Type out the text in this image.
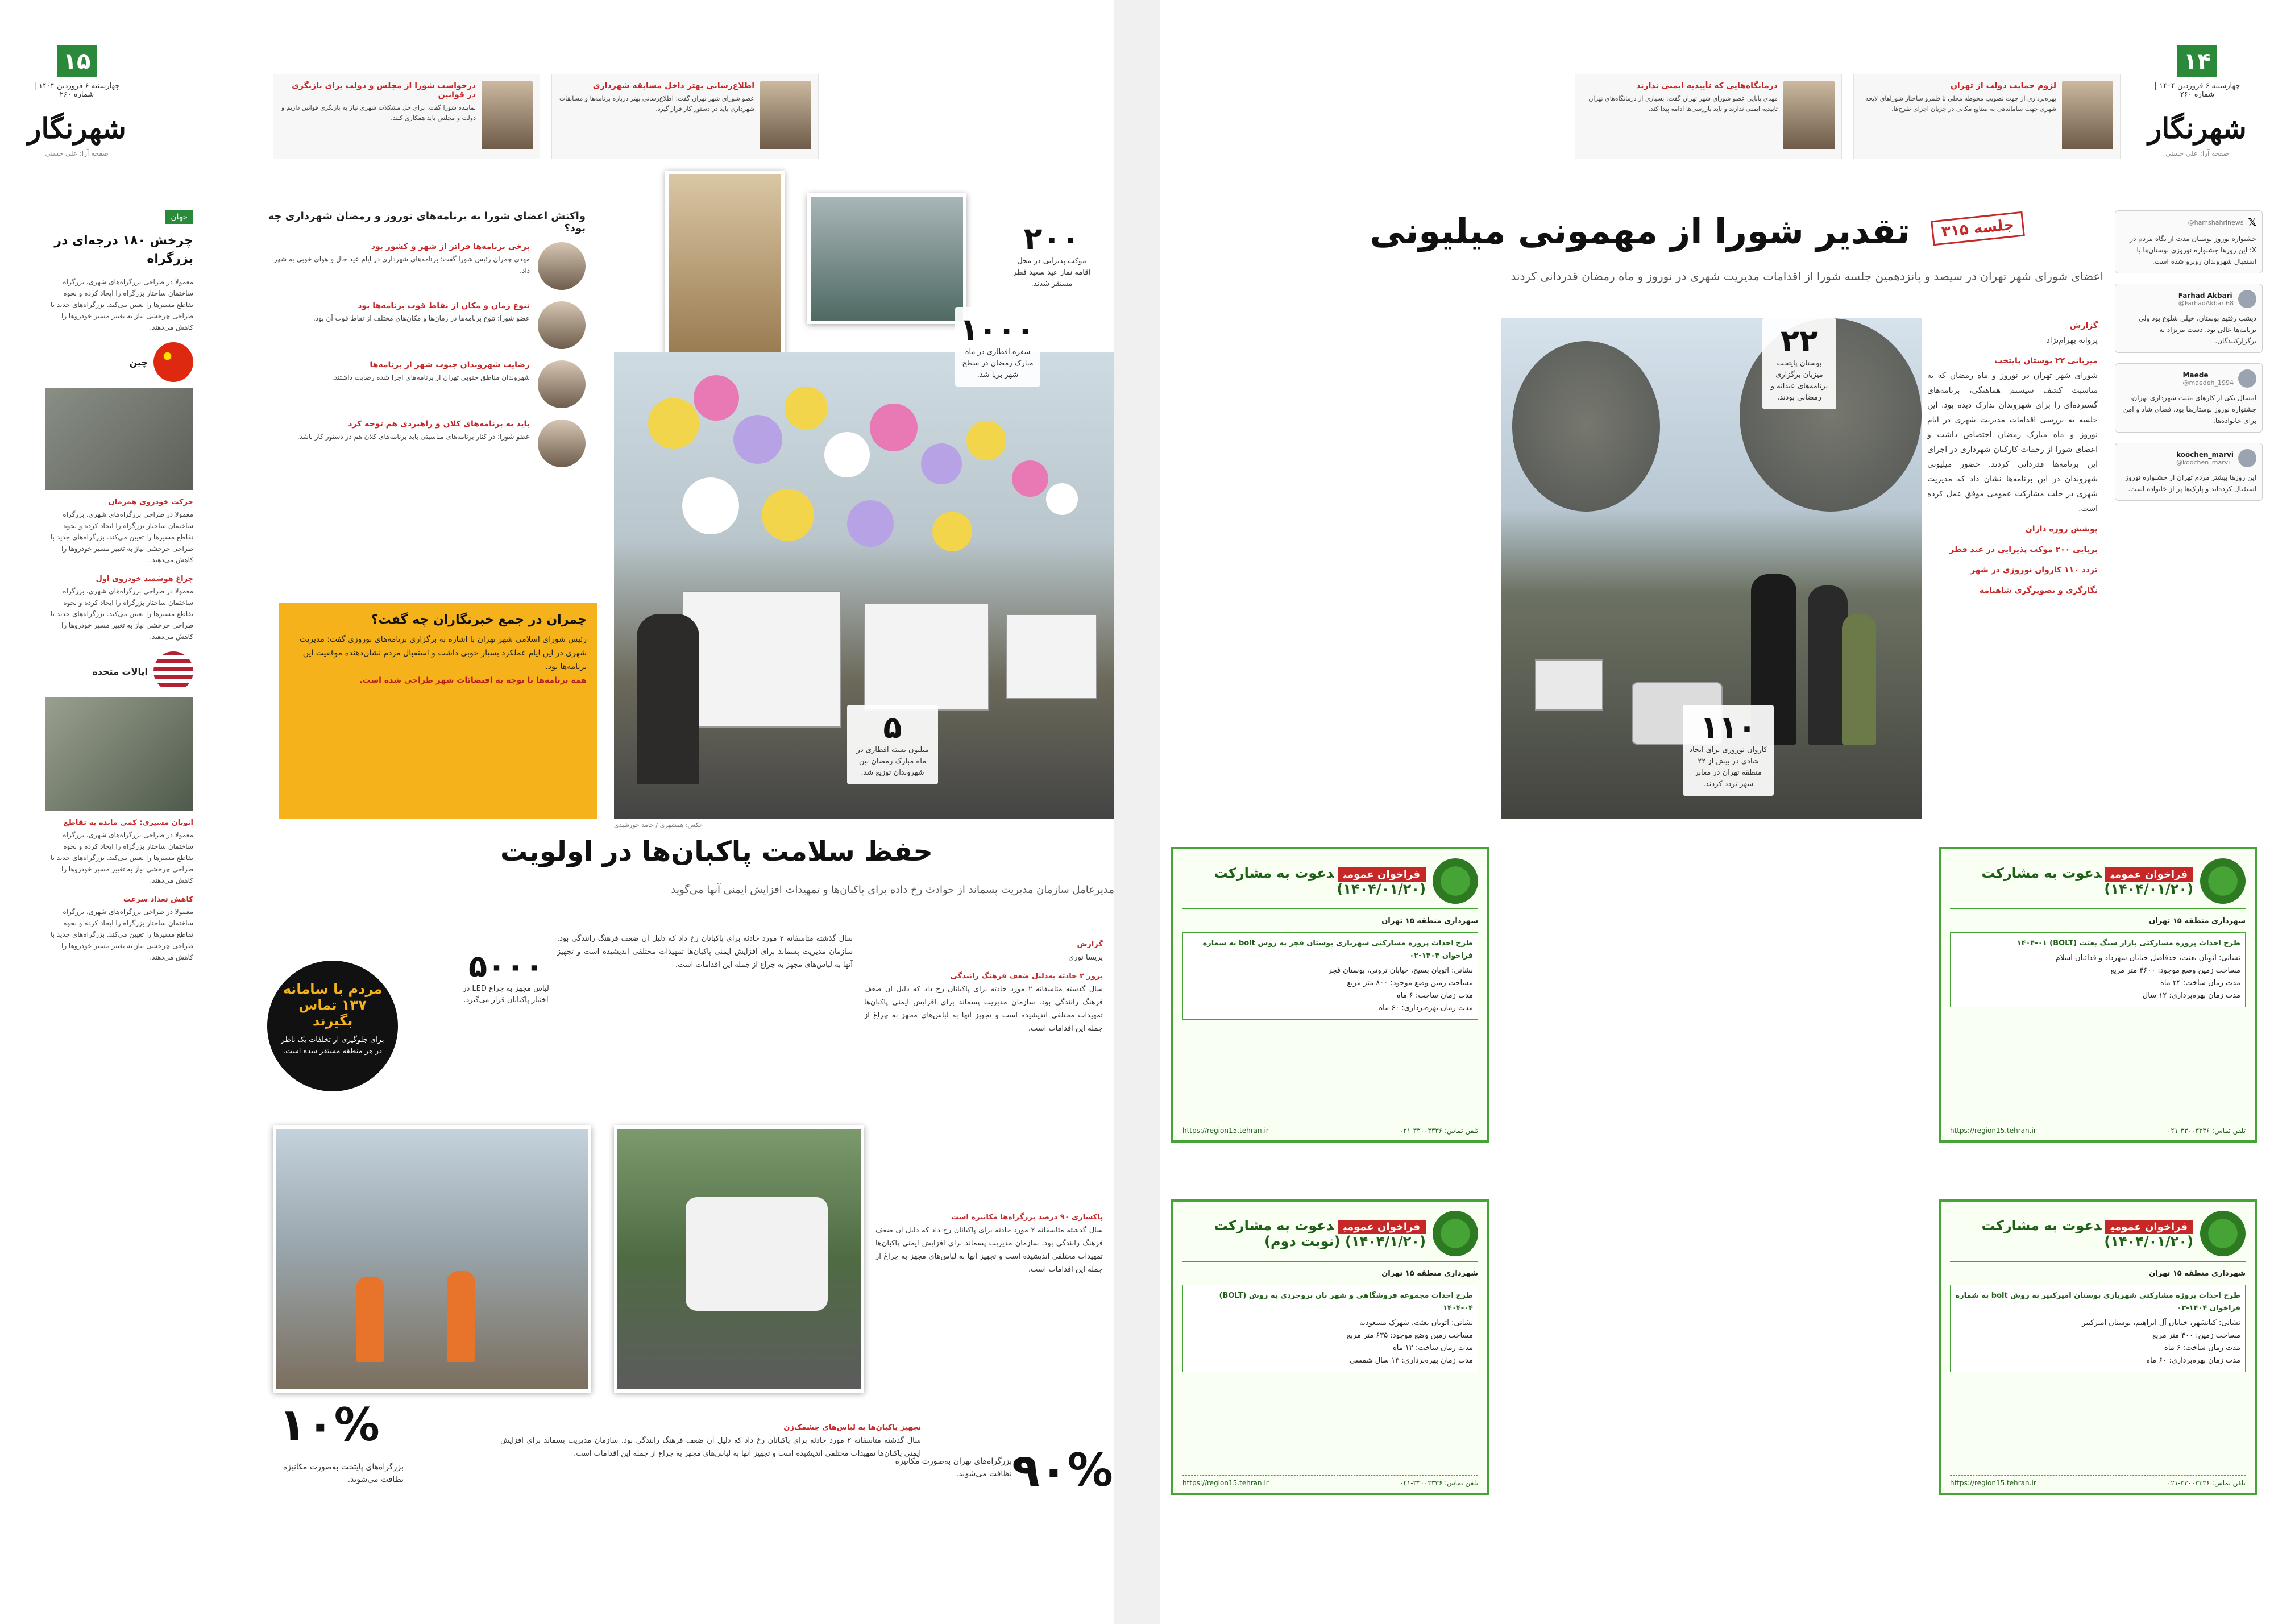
۱۴
چهارشنبه ۶ فروردین ۱۴۰۴ | شماره ۲۶۰
شهرنگار
صفحه آرا: علی حسنی
لزوم حمایت دولت از تهران

بهره‌برداری از جهت تصویب محوطه محلی تا قلمرو ساختار شوراهای لایحه شهری جهت ساماندهی به صنایع مکانی در جریان اجرای طرح‌ها.

درمانگاه‌هایی که تأییدیه ایمنی ندارند

مهدی بابایی عضو شورای شهر تهران گفت: بسیاری از درمانگاه‌های تهران تاییدیه ایمنی ندارند و باید بازرسی‌ها ادامه پیدا کند.

@hamshahrinews 𝕏

جشنواره نوروز بوستان مدت از نگاه مردم در X؛ این روزها جشنواره نوروزی بوستان‌ها با استقبال شهروندان روبرو شده است.

Farhad Akbari
@FarhadAkbari68

دیشب رفتیم بوستان، خیلی شلوغ بود ولی برنامه‌ها عالی بود. دست مریزاد به برگزارکنندگان.

Maede
@maedeh_1994

امسال یکی از کارهای مثبت شهرداری تهران، جشنواره نوروز بوستان‌ها بود. فضای شاد و امن برای خانواده‌ها.

koochen_marvi
@koochen_marvi

این روزها بیشتر مردم تهران از جشنواره نوروز استقبال کرده‌اند و پارک‌ها پر از خانواده است.

جلسه ۳۱۵
تقدیر شورا از مهمونی میلیونی
اعضای شورای شهر تهران در سیصد و پانزدهمین جلسه شورا از اقدامات مدیریت شهری در نوروز و ماه رمضان قدردانی کردند
گزارش
پروانه بهرام‌نژاد
میزبانی ۲۲ بوستان پایتخت
شورای شهر تهران در نوروز و ماه رمضان که به مناسبت کشف سیستم هماهنگی، برنامه‌های گسترده‌ای را برای شهروندان تدارک دیده بود. این جلسه به بررسی اقدامات مدیریت شهری در ایام نوروز و ماه مبارک رمضان اختصاص داشت و اعضای شورا از زحمات کارکنان شهرداری در اجرای این برنامه‌ها قدردانی کردند. حضور میلیونی شهروندان در این برنامه‌ها نشان داد که مدیریت شهری در جلب مشارکت عمومی موفق عمل کرده است.
پوشش روزه‌ داران
برپایی ۲۰۰ موکب پذیرایی در عید فطر
تردد ۱۱۰ کاروان نوروزی در شهر
نگارگری و تصویرگری شاهنامه
۲۲
بوستان پایتخت میزبان برگزاری برنامه‌های عیدانه و رمضانی بودند.
۱۱۰
کاروان نوروزی برای ایجاد شادی در بیش از ۲۲ منطقه تهران در معابر شهر تردد کردند.
فراخوان عمومیدعوت به مشارکت (۱۴۰۴/۰۱/۲۰)
شهرداری منطقه ۱۵ تهران
طرح احداث پروژه مشارکتی بازار سنگ بعثت (BOLT) ۱۴۰۴-۰۱
نشانی: اتوبان بعثت، حدفاصل خیابان شهرداد و فدائیان اسلام
مساحت زمین وضع موجود: ۴۶۰۰ متر مربع
مدت زمان ساخت: ۲۴ ماه
مدت زمان بهره‌برداری: ۱۲ سال
https://region15.tehran.ir	تلفن تماس: ۳۳۰۰۳۳۳۶-۰۲۱
فراخوان عمومیدعوت به مشارکت (۱۴۰۴/۰۱/۲۰)
شهرداری منطقه ۱۵ تهران
طرح احداث پروژه مشارکتی شهربازی بوستان امیرکبیر به روش bolt به شماره فراخوان ۱۴۰۴-۰۳
نشانی: کیانشهر، خیابان آل ابراهیم، بوستان امیرکبیر
مساحت زمین: ۴۰۰ متر مربع
مدت زمان ساخت: ۶ ماه
مدت زمان بهره‌برداری: ۶۰ ماه
https://region15.tehran.ir	تلفن تماس: ۳۳۰۰۳۳۳۶-۰۲۱
۱۵
چهارشنبه ۶ فروردین ۱۴۰۴ | شماره ۲۶۰
شهرنگار
صفحه آرا: علی حسنی
اطلاع‌رسانی بهتر داخل مسابقه شهرداری

عضو شورای شهر تهران گفت: اطلاع‌رسانی بهتر درباره برنامه‌ها و مسابقات شهرداری باید در دستور کار قرار گیرد.

درخواست شورا از مجلس و دولت برای بازنگری در قوانین

نماینده شورا گفت: برای حل مشکلات شهری نیاز به بازنگری قوانین داریم و دولت و مجلس باید همکاری کنند.

جهان
چرخش ۱۸۰ درجه‌ای در بزرگراه
معمولا در طراحی بزرگراه‌های شهری، بزرگراه ساختمان ساختار بزرگراه را ایجاد کرده و نحوه تقاطع مسیرها را تعیین می‌کند. بزرگراه‌های جدید با طراحی چرخشی نیاز به تغییر مسیر خودروها را کاهش می‌دهند.
چین
حرکت خودروی همزمان
معمولا در طراحی بزرگراه‌های شهری، بزرگراه ساختمان ساختار بزرگراه را ایجاد کرده و نحوه تقاطع مسیرها را تعیین می‌کند. بزرگراه‌های جدید با طراحی چرخشی نیاز به تغییر مسیر خودروها را کاهش می‌دهند.
چراغ هوشمند خودروی اول
معمولا در طراحی بزرگراه‌های شهری، بزرگراه ساختمان ساختار بزرگراه را ایجاد کرده و نحوه تقاطع مسیرها را تعیین می‌کند. بزرگراه‌های جدید با طراحی چرخشی نیاز به تغییر مسیر خودروها را کاهش می‌دهند.
ایالات متحده
اتوبان مسیری: کمی مانده به تقاطع
معمولا در طراحی بزرگراه‌های شهری، بزرگراه ساختمان ساختار بزرگراه را ایجاد کرده و نحوه تقاطع مسیرها را تعیین می‌کند. بزرگراه‌های جدید با طراحی چرخشی نیاز به تغییر مسیر خودروها را کاهش می‌دهند.
کاهش تعداد سرعت
معمولا در طراحی بزرگراه‌های شهری، بزرگراه ساختمان ساختار بزرگراه را ایجاد کرده و نحوه تقاطع مسیرها را تعیین می‌کند. بزرگراه‌های جدید با طراحی چرخشی نیاز به تغییر مسیر خودروها را کاهش می‌دهند.
واکنش اعضای شورا به برنامه‌های نوروز و رمضان شهرداری چه بود؟
برخی برنامه‌ها فراتر از شهر و کشور بود

مهدی چمران رئیس شورا گفت: برنامه‌های شهرداری در ایام عید حال و هوای خوبی به شهر داد.

تنوع زمان و مکان از نقاط قوت برنامه‌ها بود

عضو شورا: تنوع برنامه‌ها در زمان‌ها و مکان‌های مختلف از نقاط قوت آن بود.

رضایت شهروندان جنوب شهر از برنامه‌ها

شهروندان مناطق جنوبی تهران از برنامه‌های اجرا شده رضایت داشتند.

باید به برنامه‌های کلان و راهبردی هم توجه کرد

عضو شورا: در کنار برنامه‌های مناسبتی باید برنامه‌های کلان هم در دستور کار باشد.

چمران در جمع خبرنگاران چه گفت؟

رئیس شورای اسلامی شهر تهران با اشاره به برگزاری برنامه‌های نوروزی گفت: مدیریت شهری در این ایام عملکرد بسیار خوبی داشت و استقبال مردم نشان‌دهنده موفقیت این برنامه‌ها بود.

همه برنامه‌ها با توجه به اقتضائات شهر طراحی شده است.

۲۰۰
موکب پذیرایی در محل اقامه نماز عید سعید فطر مستقر شدند.
۱۰۰۰
سفره افطاری در ماه مبارک رمضان در سطح شهر برپا شد.
۵
میلیون بسته افطاری در ماه مبارک رمضان بین شهروندان توزیع شد.
عکس: همشهری / حامد خورشیدی
حفظ سلامت پاکبان‌ها در اولویت
مدیرعامل سازمان مدیریت پسماند از حوادث رخ داده برای پاکبان‌ها و تمهیدات افزایش ایمنی آنها می‌گوید
گزارش
پریسا نوری
بروز ۲ حادثه به‌دلیل ضعف فرهنگ رانندگی
سال گذشته متاسفانه ۲ مورد حادثه برای پاکبانان رخ داد که دلیل آن ضعف فرهنگ رانندگی بود. سازمان مدیریت پسماند برای افزایش ایمنی پاکبان‌ها تمهیدات مختلفی اندیشیده است و تجهیز آنها به لباس‌های مجهز به چراغ از جمله این اقدامات است.
سال گذشته متاسفانه ۲ مورد حادثه برای پاکبانان رخ داد که دلیل آن ضعف فرهنگ رانندگی بود. سازمان مدیریت پسماند برای افزایش ایمنی پاکبان‌ها تمهیدات مختلفی اندیشیده است و تجهیز آنها به لباس‌های مجهز به چراغ از جمله این اقدامات است.
۵۰۰۰
لباس مجهز به چراغ LED در اختیار پاکبانان قرار می‌گیرد.
مردم با سامانه ۱۳۷ تماس بگیرند
برای جلوگیری از تخلفات یک ناظر در هر منطقه مستقر شده است.
پاکسازی ۹۰ درصد بزرگراه‌ها مکانیزه است
سال گذشته متاسفانه ۲ مورد حادثه برای پاکبانان رخ داد که دلیل آن ضعف فرهنگ رانندگی بود. سازمان مدیریت پسماند برای افزایش ایمنی پاکبان‌ها تمهیدات مختلفی اندیشیده است و تجهیز آنها به لباس‌های مجهز به چراغ از جمله این اقدامات است.
تجهیز پاکبان‌ها به لباس‌های چشمک‌زن
سال گذشته متاسفانه ۲ مورد حادثه برای پاکبانان رخ داد که دلیل آن ضعف فرهنگ رانندگی بود. سازمان مدیریت پسماند برای افزایش ایمنی پاکبان‌ها تمهیدات مختلفی اندیشیده است و تجهیز آنها به لباس‌های مجهز به چراغ از جمله این اقدامات است.
۱۰%
بزرگراه‌های پایتخت به‌صورت مکانیزه نظافت می‌شوند.	۹۰%
بزرگراه‌های تهران به‌صورت مکانیزه نظافت می‌شوند.
فراخوان عمومیدعوت به مشارکت (۱۴۰۴/۰۱/۲۰)
شهرداری منطقه ۱۵ تهران
طرح احداث پروژه مشارکتی شهربازی بوستان فجر به روش bolt به شماره فراخوان ۱۴۰۴-۰۲
نشانی: اتوبان بسیج، خیابان ترونی، بوستان فجر
مساحت زمین وضع موجود: ۸۰۰ متر مربع
مدت زمان ساخت: ۶ ماه
مدت زمان بهره‌برداری: ۶۰ ماه
https://region15.tehran.ir	تلفن تماس: ۳۳۰۰۳۳۳۶-۰۲۱
فراخوان عمومیدعوت به مشارکت (۱۴۰۴/۱/۲۰) (نوبت دوم)
شهرداری منطقه ۱۵ تهران
طرح احداث مجموعه فروشگاهی و شهر نان بروجردی به روش (BOLT) ۱۴۰۴-۰۴
نشانی: اتوبان بعثت، شهرک مسعودیه
مساحت زمین وضع موجود: ۶۳۵ متر مربع
مدت زمان ساخت: ۱۲ ماه
مدت زمان بهره‌برداری: ۱۳ سال شمسی
https://region15.tehran.ir	تلفن تماس: ۳۳۰۰۳۳۳۶-۰۲۱
